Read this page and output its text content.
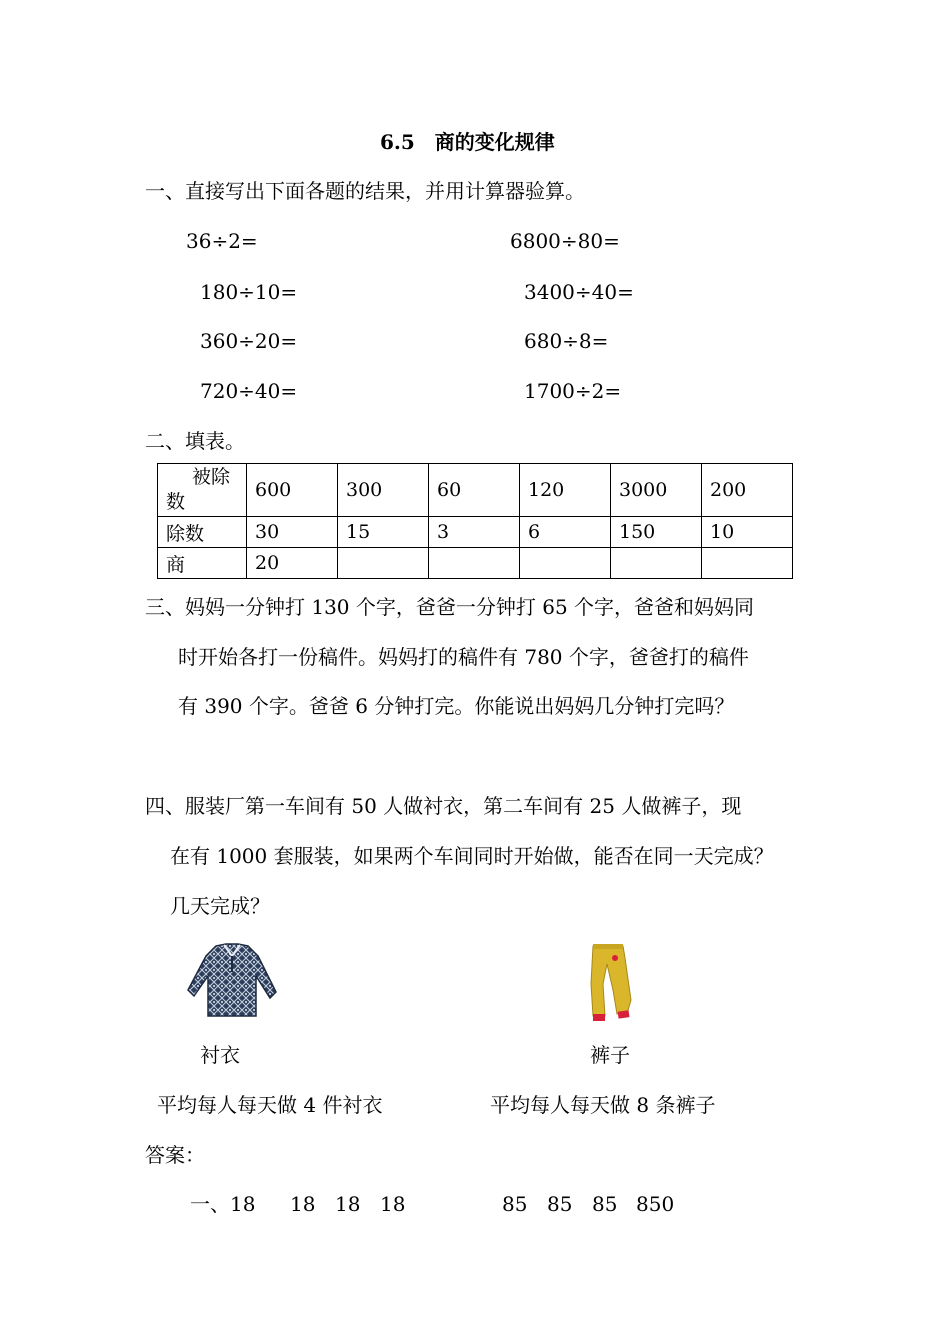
6.5　商的变化规律
一、直接写出下面各题的结果，并用计算器验算。
36÷2=
180÷10=
360÷20=
720÷40=
6800÷80=
3400÷40=
680÷8=
1700÷2=
二、填表。
被除
数	600	300	60	120	3000	200
除数	30	15	3	6	150	10
商	20					
三、妈妈一分钟打 130 个字，爸爸一分钟打 65 个字，爸爸和妈妈同
时开始各打一份稿件。妈妈打的稿件有 780 个字，爸爸打的稿件
有 390 个字。爸爸 6 分钟打完。你能说出妈妈几分钟打完吗？
四、服装厂第一车间有 50 人做衬衣，第二车间有 25 人做裤子，现
在有 1000 套服装，如果两个车间同时开始做，能否在同一天完成？
几天完成？
衬衣	裤子
平均每人每天做 4 件衬衣	平均每人每天做 8 条裤子
答案：
一、18 18 18 18	85 85 85 850
